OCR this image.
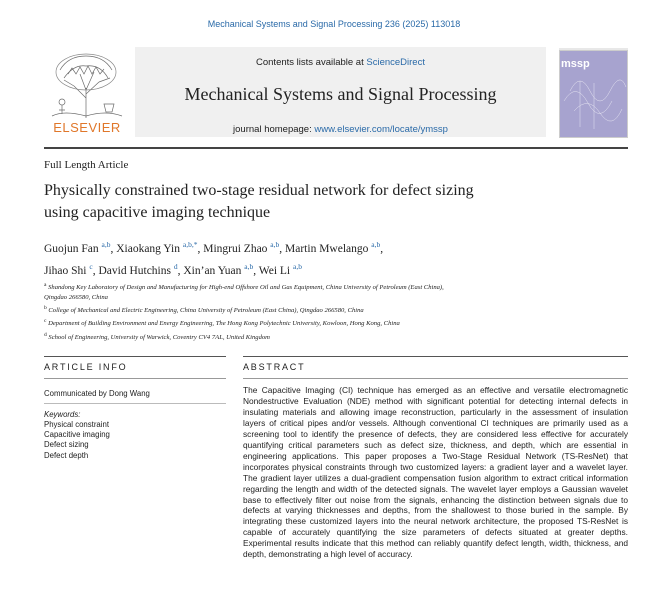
Mechanical Systems and Signal Processing 236 (2025) 113018
ELSEVIER
Contents lists available at ScienceDirect
Mechanical Systems and Signal Processing
journal homepage: www.elsevier.com/locate/ymssp
mssp
Full Length Article
Physically constrained two-stage residual network for defect sizing
using capacitive imaging technique
Guojun Fan $^{a,b}$, Xiaokang Yin $^{a,b,*}$, Mingrui Zhao $^{a,b}$, Martin Mwelango $^{a,b}$,
Jihao Shi $^c$, David Hutchins $^d$, Xin’an Yuan $^{a,b}$, Wei Li $^{a,b}$
$^a$ Shandong Key Laboratory of Design and Manufacturing for High-end Offshore Oil and Gas Equipment, China University of Petroleum (East China),
Qingdao 266580, China
$^b$ College of Mechanical and Electric Engineering, China University of Petroleum (East China), Qingdao 266580, China
$^c$ Department of Building Environment and Energy Engineering, The Hong Kong Polytechnic University, Kowloon, Hong Kong, China
$^d$ School of Engineering, University of Warwick, Coventry CV4 7AL, United Kingdom
ARTICLE INFO	ABSTRACT
Communicated by Dong Wang
Keywords:
Physical constraint
Capacitive imaging
Defect sizing
Defect depth
The Capacitive Imaging (CI) technique has emerged as an effective and versatile electromagnetic Nondestructive Evaluation (NDE) method with significant potential for detecting internal defects in insulating materials and allowing image reconstruction, particularly in the assessment of insulation layers of critical pipes and/or vessels. Although conventional CI techniques are primarily used as a screening tool to identify the presence of defects, they are considered less effective for accurately quantifying critical parameters such as defect size, thickness, and depth, which are essential in engineering applications. This paper proposes a Two-Stage Residual Network (TS-ResNet) that incorporates physical constraints through two customized layers: a gradient layer and a wavelet layer. The gradient layer utilizes a dual-gradient compensation fusion algorithm to extract critical information regarding the length and width of the detected signals. The wavelet layer employs a Gaussian wavelet base to effectively filter out noise from the signals, enhancing the distinction between signals due to defects at varying thicknesses and depths, from the shallowest to those buried in the sample. By integrating these customized layers into the neural network architecture, the proposed TS-ResNet is capable of accurately quantifying the size parameters of defects situated at greater depths. Experimental results indicate that this method can reliably quantify defect length, width, thickness, and depth, demonstrating a high level of accuracy.
